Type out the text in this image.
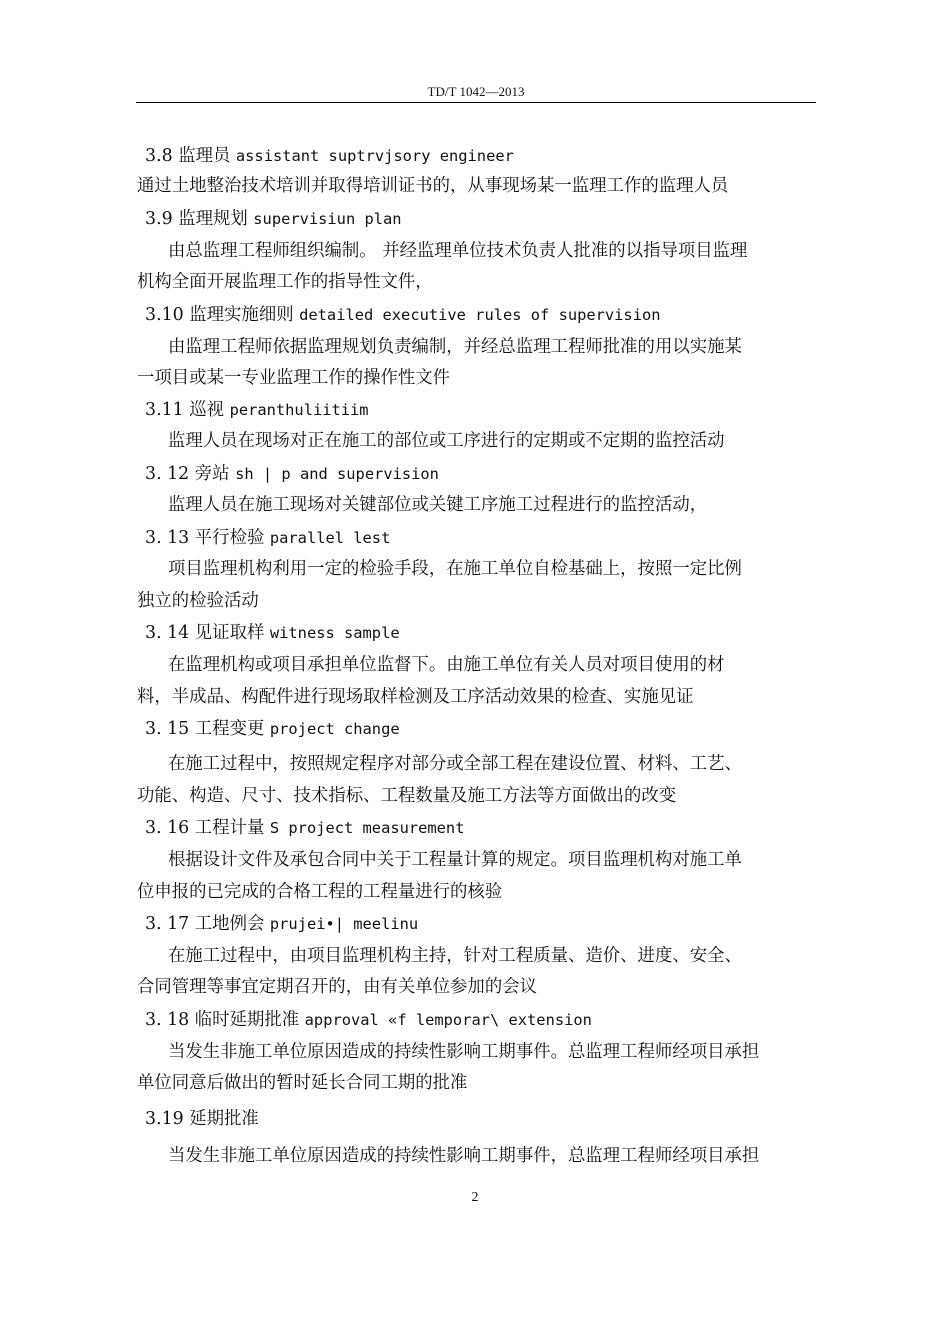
TD/T 1042—2013
3.8 监理员 assistant suptrvjsory engineer
通过土地整治技术培训并取得培训证书的，从事现场某一监理工作的监理人员
3.9 监理规划 supervisiun plan
由总监理工程师组织编制。 并经监理单位技术负责人批准的以指导项目监理
机构全面开展监理工作的指导性文件，
3.10 监理实施细则 detailed executive rules of supervision
由监理工程师依据监理规划负责编制，并经总监理工程师批准的用以实施某
一项目或某一专业监理工作的操作性文件
3.11 巡视 peranthuliitiim
监理人员在现场对正在施工的部位或工序进行的定期或不定期的监控活动
3. 12 旁站 sh | p and supervision
监理人员在施工现场对关键部位或关键工序施工过程进行的监控活动，
3. 13 平行检验 parallel lest
项目监理机构利用一定的检验手段，在施工单位自检基础上，按照一定比例
独立的检验活动
3. 14 见证取样 witness sample
在监理机构或项目承担单位监督下。由施工单位有关人员对项目使用的材
料，半成品、构配件进行现场取样检测及工序活动效果的检查、实施见证
3. 15 工程变更 project change
在施工过程中，按照规定程序对部分或全部工程在建设位置、材料、工艺、
功能、构造、尺寸、技术指标、工程数量及施工方法等方面做出的改变
3. 16 工程计量 S project measurement
根据设计文件及承包合同中关于工程量计算的规定。项目监理机构对施工单
位申报的已完成的合格工程的工程量进行的核验
3. 17 工地例会 prujei•| meelinu
在施工过程中，由项目监理机构主持，针对工程质量、造价、进度、安全、
合同管理等事宜定期召开的，由有关单位参加的会议
3. 18 临时延期批准 approval «f lemporar\ extension
当发生非施工单位原因造成的持续性影响工期事件。总监理工程师经项目承担
单位同意后做出的暂时延长合同工期的批准
3.19 延期批准
当发生非施工单位原因造成的持续性影响工期事件，总监理工程师经项目承担
2
